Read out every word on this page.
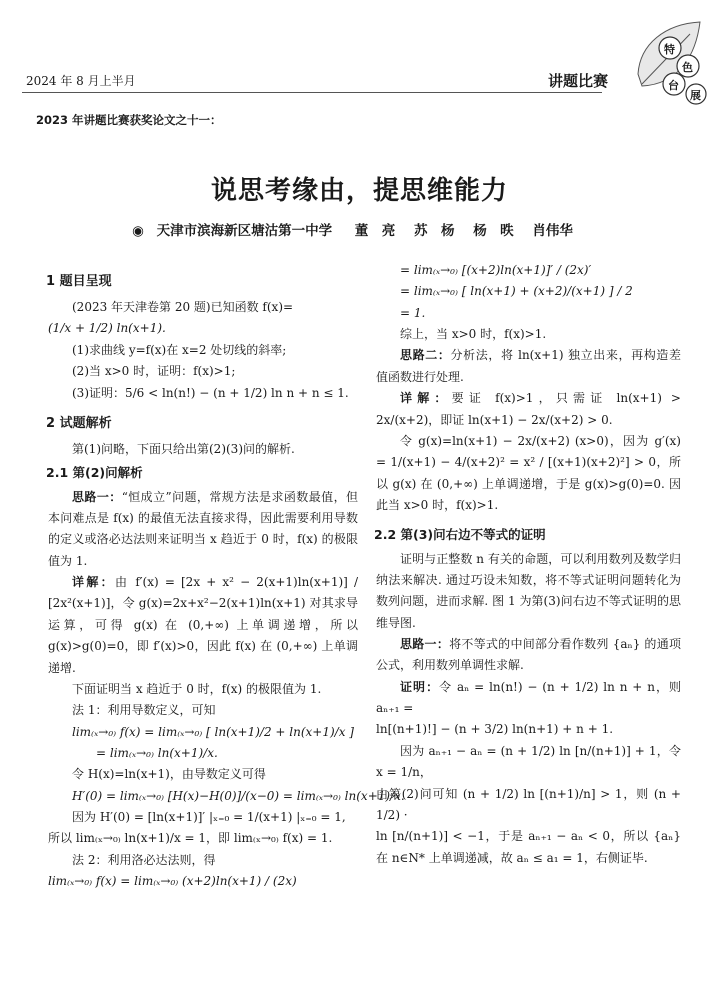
2024 年 8 月上半月	讲题比赛
特
色
台
展
2023 年讲题比赛获奖论文之十一：
说思考缘由，提思维能力
◉ 天津市滨海新区塘沽第一中学 董　亮 苏　杨 杨　昳 肖伟华
1 题目呈现

(2023 年天津卷第 20 题)已知函数 f(x)=

(1/x + 1/2) ln(x+1).

(1)求曲线 y=f(x)在 x=2 处切线的斜率;

(2)当 x>0 时，证明：f(x)>1;

(3)证明：5/6 < ln(n!) − (n + 1/2) ln n + n ≤ 1.

2 试题解析

第(1)问略，下面只给出第(2)(3)问的解析.

2.1 第(2)问解析

思路一：“恒成立”问题，常规方法是求函数最值，但本问难点是 f(x) 的最值无法直接求得，因此需要利用导数的定义或洛必达法则来证明当 x 趋近于 0 时，f(x) 的极限值为 1.

详解：由 f′(x) = [2x + x² − 2(x+1)ln(x+1)] / [2x²(x+1)]，令 g(x)=2x+x²−2(x+1)ln(x+1) 对其求导运算，可得 g(x) 在 (0,+∞) 上单调递增，所以 g(x)>g(0)=0，即 f′(x)>0，因此 f(x) 在 (0,+∞) 上单调递增.

下面证明当 x 趋近于 0 时，f(x) 的极限值为 1.

法 1：利用导数定义，可知

lim₍ₓ→₀₎ f(x) = lim₍ₓ→₀₎ [ ln(x+1)/2 + ln(x+1)/x ]
= lim₍ₓ→₀₎ ln(x+1)/x.

令 H(x)=ln(x+1)，由导数定义可得

H′(0) = lim₍ₓ→₀₎ [H(x)−H(0)]/(x−0) = lim₍ₓ→₀₎ ln(x+1)/x.

因为 H′(0) = [ln(x+1)]′ |ₓ₌₀ = 1/(x+1) |ₓ₌₀ = 1,

所以 lim₍ₓ→₀₎ ln(x+1)/x = 1，即 lim₍ₓ→₀₎ f(x) = 1.

法 2：利用洛必达法则，得

lim₍ₓ→₀₎ f(x) = lim₍ₓ→₀₎ (x+2)ln(x+1) / (2x)
= lim₍ₓ→₀₎ [(x+2)ln(x+1)]′ / (2x)′
= lim₍ₓ→₀₎ [ ln(x+1) + (x+2)/(x+1) ] / 2
= 1.

综上，当 x>0 时，f(x)>1.

思路二：分析法，将 ln(x+1) 独立出来，再构造差值函数进行处理.

详解：要证 f(x)>1，只需证 ln(x+1) > 2x/(x+2)，即证 ln(x+1) − 2x/(x+2) > 0.

令 g(x)=ln(x+1) − 2x/(x+2) (x>0)，因为 g′(x) = 1/(x+1) − 4/(x+2)² = x² / [(x+1)(x+2)²] > 0，所以 g(x) 在 (0,+∞) 上单调递增，于是 g(x)>g(0)=0. 因此当 x>0 时，f(x)>1.

2.2 第(3)问右边不等式的证明

证明与正整数 n 有关的命题，可以利用数列及数学归纳法来解决. 通过巧设未知数，将不等式证明问题转化为数列问题，进而求解. 图 1 为第(3)问右边不等式证明的思维导图.

思路一：将不等式的中间部分看作数列 {aₙ} 的通项公式，利用数列单调性求解.

证明：令 aₙ = ln(n!) − (n + 1/2) ln n + n，则 aₙ₊₁ =

ln[(n+1)!] − (n + 3/2) ln(n+1) + n + 1.

因为 aₙ₊₁ − aₙ = (n + 1/2) ln [n/(n+1)] + 1，令 x = 1/n，

由第(2)问可知 (n + 1/2) ln [(n+1)/n] > 1，则 (n + 1/2) ·

ln [n/(n+1)] < −1，于是 aₙ₊₁ − aₙ < 0，所以 {aₙ} 在 n∈N* 上单调递减，故 aₙ ≤ a₁ = 1，右侧证毕.
